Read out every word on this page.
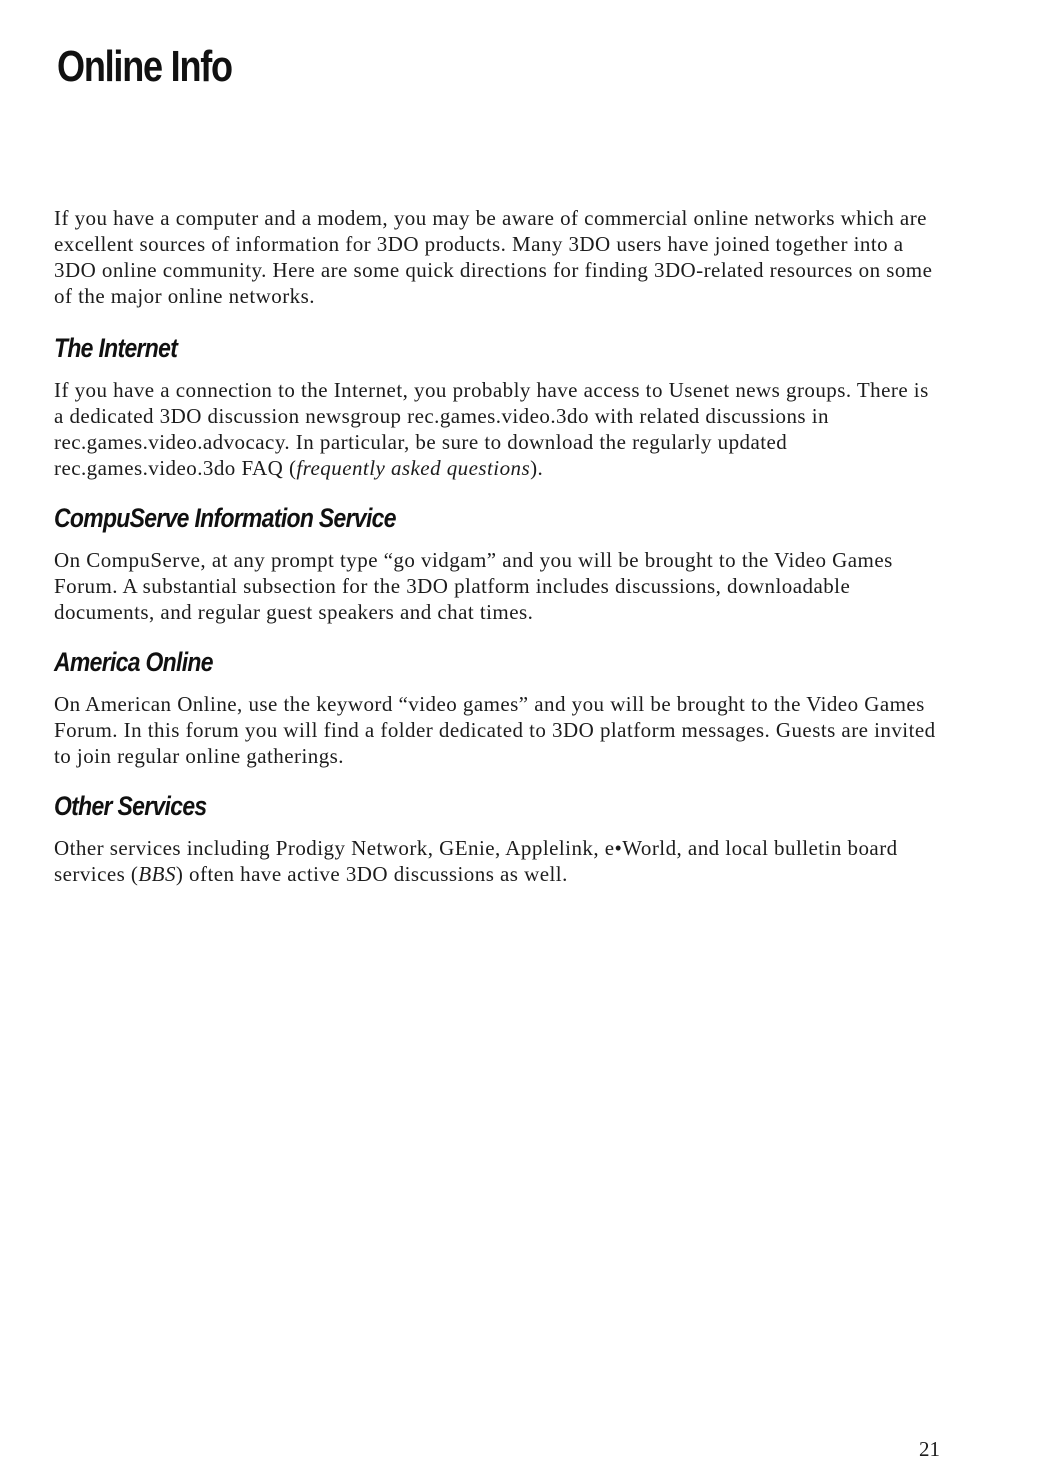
Online Info

If you have a computer and a modem, you may be aware of commercial online networks which are excellent sources of information for 3DO products. Many 3DO users have joined together into a 3DO online community. Here are some quick directions for finding 3DO-related resources on some of the major online networks.

The Internet

If you have a connection to the Internet, you probably have access to Usenet news groups. There is a dedicated 3DO discussion newsgroup rec.games.video.3do with related discussions in rec.games.video.advocacy. In particular, be sure to download the regularly updated rec.games.video.3do FAQ (frequently asked questions).

CompuServe Information Service

On CompuServe, at any prompt type “go vidgam” and you will be brought to the Video Games Forum. A substantial subsection for the 3DO platform includes discussions, downloadable documents, and regular guest speakers and chat times.

America Online

On American Online, use the keyword “video games” and you will be brought to the Video Games Forum. In this forum you will find a folder dedicated to 3DO platform messages. Guests are invited to join regular online gatherings.

Other Services

Other services including Prodigy Network, GEnie, Applelink, e•World, and local bulletin board services (BBS) often have active 3DO discussions as well.

21
